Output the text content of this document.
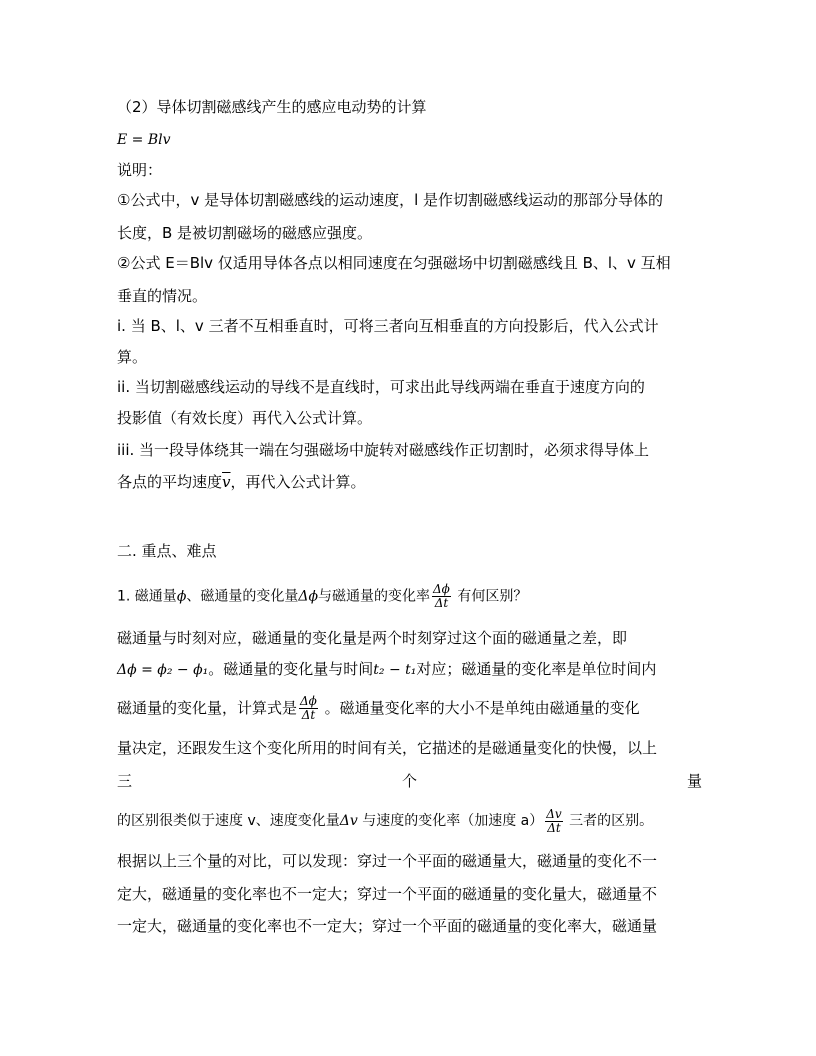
（2）导体切割磁感线产生的感应电动势的计算
E = Blv
说明：
①公式中，v 是导体切割磁感线的运动速度，l 是作切割磁感线运动的那部分导体的
长度，B 是被切割磁场的磁感应强度。
②公式 E＝Blv 仅适用导体各点以相同速度在匀强磁场中切割磁感线且 B、l、v 互相
垂直的情况。
i. 当 B、l、v 三者不互相垂直时，可将三者向互相垂直的方向投影后，代入公式计
算。
ii. 当切割磁感线运动的导线不是直线时，可求出此导线两端在垂直于速度方向的
投影值（有效长度）再代入公式计算。
iii. 当一段导体绕其一端在匀强磁场中旋转对磁感线作正切割时，必须求得导体上
各点的平均速度$\overline{v}$，再代入公式计算。
二. 重点、难点
1. 磁通量ϕ、磁通量的变化量Δϕ与磁通量的变化率 $\frac{\Delta\phi}{\Delta t}$ 有何区别？
磁通量与时刻对应，磁通量的变化量是两个时刻穿过这个面的磁通量之差，即
Δϕ = ϕ₂ − ϕ₁。磁通量的变化量与时间t₂ − t₁对应；磁通量的变化率是单位时间内
磁通量的变化量，计算式是 $\frac{\Delta\phi}{\Delta t}$ 。磁通量变化率的大小不是单纯由磁通量的变化
量决定，还跟发生这个变化所用的时间有关，它描述的是磁通量变化的快慢，以上
三	个	量
的区别很类似于速度 v、速度变化量Δv 与速度的变化率（加速度 $a) \frac{\Delta v}{\Delta t}$ 三者的区别。
根据以上三个量的对比，可以发现：穿过一个平面的磁通量大，磁通量的变化不一
定大，磁通量的变化率也不一定大；穿过一个平面的磁通量的变化量大，磁通量不
一定大，磁通量的变化率也不一定大；穿过一个平面的磁通量的变化率大，磁通量
